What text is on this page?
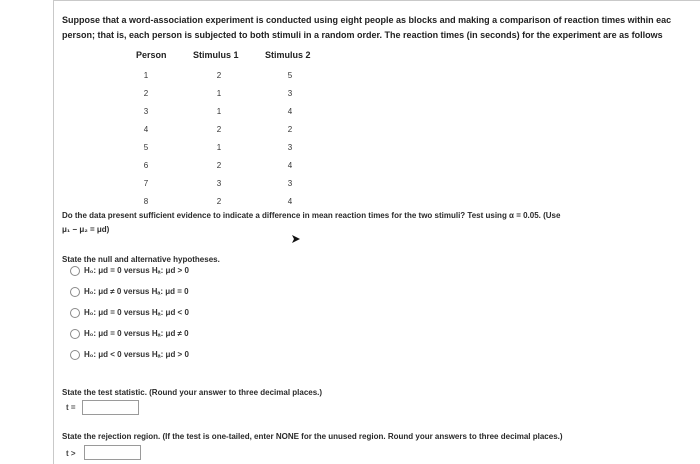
Suppose that a word-association experiment is conducted using eight people as blocks and making a comparison of reaction times within eac
person; that is, each person is subjected to both stimuli in a random order. The reaction times (in seconds) for the experiment are as follows
Person	Stimulus 1	Stimulus 2
1	2	5
2	1	3
3	1	4
4	2	2
5	1	3
6	2	4
7	3	3
8	2	4
Do the data present sufficient evidence to indicate a difference in mean reaction times for the two stimuli? Test using α = 0.05. (Use
μ₁ − μ₂ = μd)
State the null and alternative hypotheses.
H₀: μd = 0 versus Hₐ: μd > 0
H₀: μd ≠ 0 versus Hₐ: μd = 0
H₀: μd = 0 versus Hₐ: μd < 0
H₀: μd = 0 versus Hₐ: μd ≠ 0
H₀: μd < 0 versus Hₐ: μd > 0
State the test statistic. (Round your answer to three decimal places.)
t =
State the rejection region. (If the test is one-tailed, enter NONE for the unused region. Round your answers to three decimal places.)
t >
